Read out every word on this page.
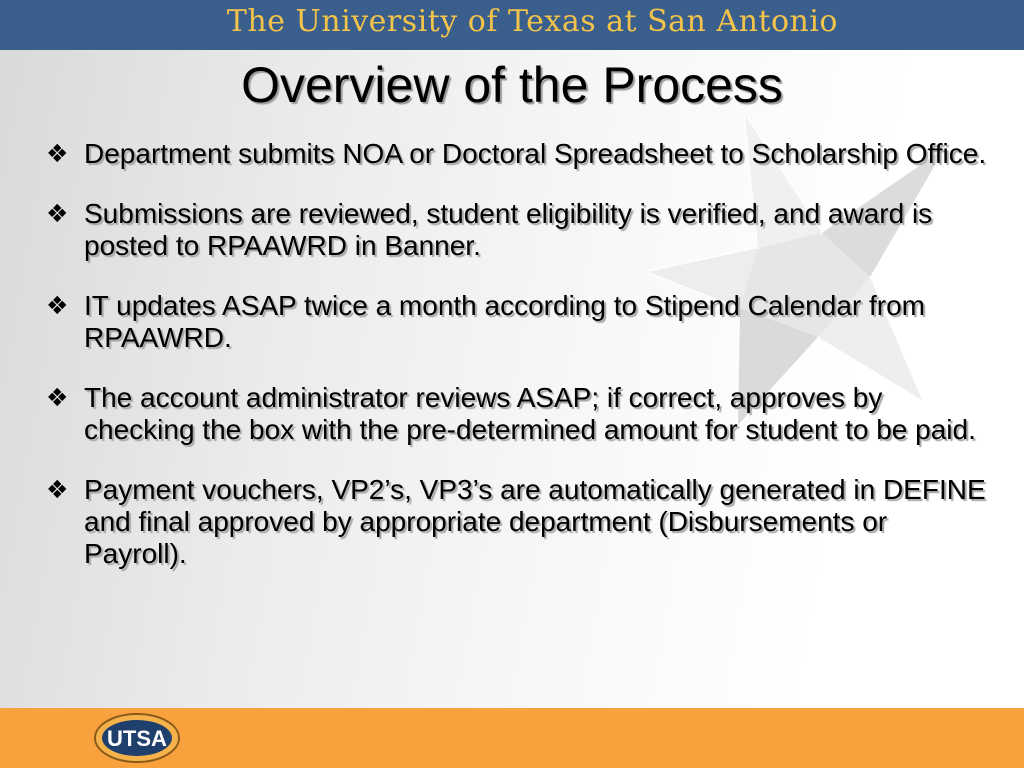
The University of Texas at San Antonio
Overview of the Process
❖ Department submits NOA or Doctoral Spreadsheet to Scholarship Office.
❖ Submissions are reviewed, student eligibility is verified, and award is posted to RPAAWRD in Banner.
❖ IT updates ASAP twice a month according to Stipend Calendar from RPAAWRD.
❖ The account administrator reviews ASAP; if correct, approves by checking the box with the pre-determined amount for student to be paid.
❖ Payment vouchers, VP2’s, VP3’s are automatically generated in DEFINE and final approved by appropriate department (Disbursements or Payroll).
UTSA
